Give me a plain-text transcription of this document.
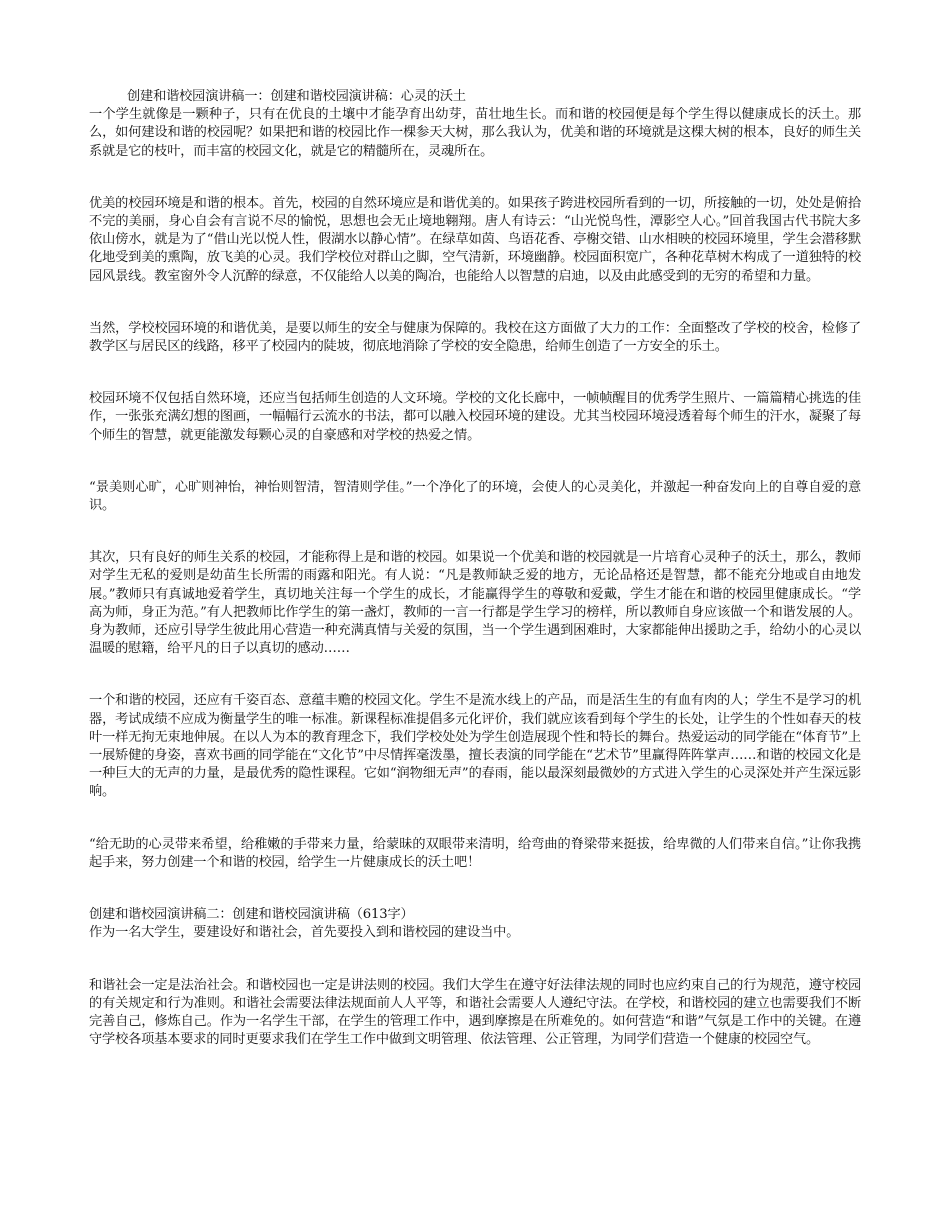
创建和谐校园演讲稿一：创建和谐校园演讲稿：心灵的沃土
一个学生就像是一颗种子，只有在优良的土壤中才能孕育出幼芽，苗壮地生长。而和谐的校园便是每个学生得以健康成长的沃土。那么，如何建设和谐的校园呢？如果把和谐的校园比作一棵参天大树，那么我认为，优美和谐的环境就是这棵大树的根本，良好的师生关系就是它的枝叶，而丰富的校园文化，就是它的精髓所在，灵魂所在。
优美的校园环境是和谐的根本。首先，校园的自然环境应是和谐优美的。如果孩子跨进校园所看到的一切，所接触的一切，处处是俯拾不完的美丽，身心自会有言说不尽的愉悦，思想也会无止境地翱翔。唐人有诗云：“山光悦鸟性，潭影空人心。”回首我国古代书院大多依山傍水，就是为了“借山光以悦人性，假湖水以静心情”。在绿草如茵、鸟语花香、亭榭交错、山水相映的校园环境里，学生会潜移默化地受到美的熏陶，放飞美的心灵。我们学校位对群山之脚，空气清新，环境幽静。校园面积宽广，各种花草树木构成了一道独特的校园风景线。教室窗外令人沉醉的绿意，不仅能给人以美的陶冶，也能给人以智慧的启迪，以及由此感受到的无穷的希望和力量。
当然，学校校园环境的和谐优美，是要以师生的安全与健康为保障的。我校在这方面做了大力的工作：全面整改了学校的校舍，检修了教学区与居民区的线路，移平了校园内的陡坡，彻底地消除了学校的安全隐患，给师生创造了一方安全的乐土。
校园环境不仅包括自然环境，还应当包括师生创造的人文环境。学校的文化长廊中，一帧帧醒目的优秀学生照片、一篇篇精心挑选的佳作，一张张充满幻想的图画，一幅幅行云流水的书法，都可以融入校园环境的建设。尤其当校园环境浸透着每个师生的汗水，凝聚了每个师生的智慧，就更能激发每颗心灵的自豪感和对学校的热爱之情。
“景美则心旷，心旷则神怡，神怡则智清，智清则学佳。”一个净化了的环境，会使人的心灵美化，并激起一种奋发向上的自尊自爱的意识。
其次，只有良好的师生关系的校园，才能称得上是和谐的校园。如果说一个优美和谐的校园就是一片培育心灵种子的沃土，那么，教师对学生无私的爱则是幼苗生长所需的雨露和阳光。有人说：“凡是教师缺乏爱的地方，无论品格还是智慧，都不能充分地或自由地发展。”教师只有真诚地爱着学生，真切地关注每一个学生的成长，才能赢得学生的尊敬和爱戴，学生才能在和谐的校园里健康成长。“学高为师，身正为范。”有人把教师比作学生的第一盏灯，教师的一言一行都是学生学习的榜样，所以教师自身应该做一个和谐发展的人。身为教师，还应引导学生彼此用心营造一种充满真情与关爱的氛围，当一个学生遇到困难时，大家都能伸出援助之手，给幼小的心灵以温暖的慰籍，给平凡的日子以真切的感动……
一个和谐的校园，还应有千姿百态、意蕴丰赡的校园文化。学生不是流水线上的产品，而是活生生的有血有肉的人；学生不是学习的机器，考试成绩不应成为衡量学生的唯一标准。新课程标准提倡多元化评价，我们就应该看到每个学生的长处，让学生的个性如春天的枝叶一样无拘无束地伸展。在以人为本的教育理念下，我们学校处处为学生创造展现个性和特长的舞台。热爱运动的同学能在“体育节”上一展矫健的身姿，喜欢书画的同学能在“文化节”中尽情挥毫泼墨，擅长表演的同学能在“艺术节”里赢得阵阵掌声……和谐的校园文化是一种巨大的无声的力量，是最优秀的隐性课程。它如“润物细无声”的春雨，能以最深刻最微妙的方式进入学生的心灵深处并产生深远影响。
“给无助的心灵带来希望，给稚嫩的手带来力量，给蒙昧的双眼带来清明，给弯曲的脊梁带来挺拔，给卑微的人们带来自信。”让你我携起手来，努力创建一个和谐的校园，给学生一片健康成长的沃土吧！
创建和谐校园演讲稿二：创建和谐校园演讲稿（613字）
作为一名大学生，要建设好和谐社会，首先要投入到和谐校园的建设当中。
和谐社会一定是法治社会。和谐校园也一定是讲法则的校园。我们大学生在遵守好法律法规的同时也应约束自己的行为规范，遵守校园的有关规定和行为准则。和谐社会需要法律法规面前人人平等，和谐社会需要人人遵纪守法。在学校，和谐校园的建立也需要我们不断完善自己，修炼自己。作为一名学生干部，在学生的管理工作中，遇到摩擦是在所难免的。如何营造“和谐”气氛是工作中的关键。在遵守学校各项基本要求的同时更要求我们在学生工作中做到文明管理、依法管理、公正管理，为同学们营造一个健康的校园空气。
